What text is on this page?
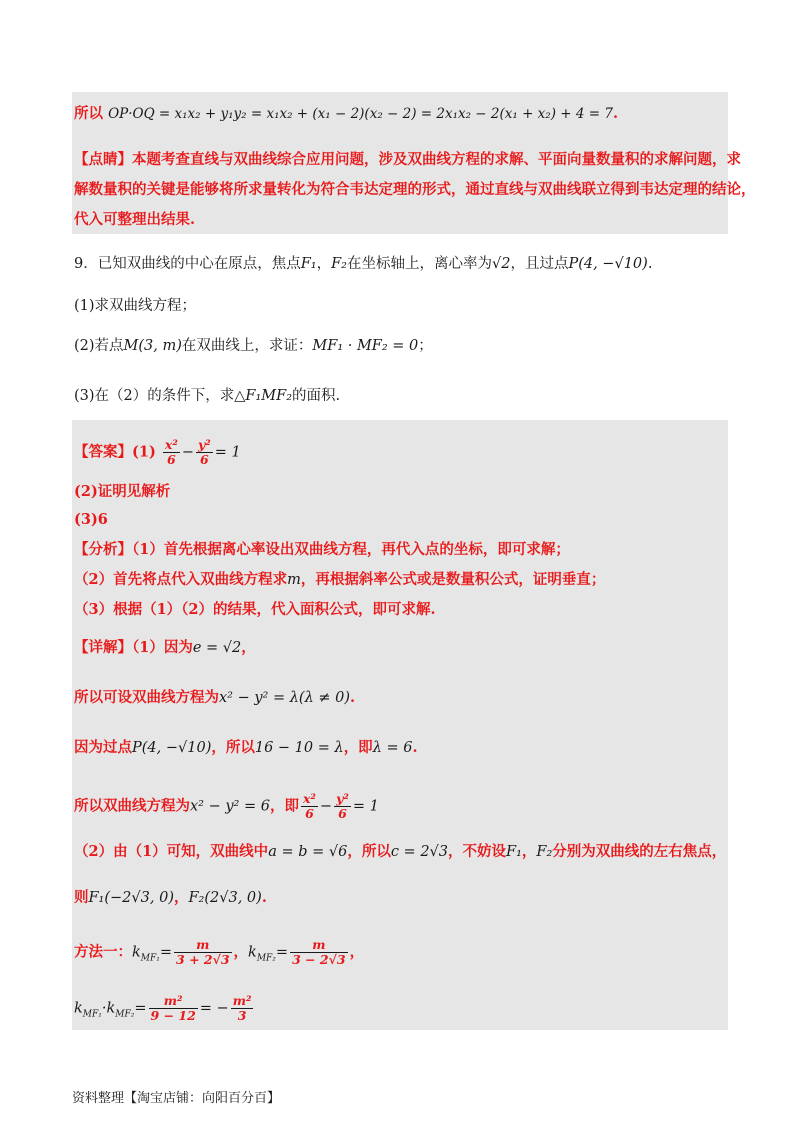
所以 OP·OQ = x₁x₂ + y₁y₂ = x₁x₂ + (x₁ − 2)(x₂ − 2) = 2x₁x₂ − 2(x₁ + x₂) + 4 = 7.
【点睛】本题考查直线与双曲线综合应用问题，涉及双曲线方程的求解、平面向量数量积的求解问题，求
解数量积的关键是能够将所求量转化为符合韦达定理的形式，通过直线与双曲线联立得到韦达定理的结论，
代入可整理出结果.
9．已知双曲线的中心在原点，焦点F₁，F₂在坐标轴上，离心率为√2，且过点P(4, −√10).
(1)求双曲线方程；
(2)若点M(3, m)在双曲线上，求证：MF₁ · MF₂ = 0；
(3)在（2）的条件下，求△F₁MF₂的面积.
【答案】$(1) \frac{\text{x²}}{6} - \frac{\text{y²}}{6} = 1$
(2)证明见解析
(3)6
【分析】（1）首先根据离心率设出双曲线方程，再代入点的坐标，即可求解；
（2）首先将点代入双曲线方程求m，再根据斜率公式或是数量积公式，证明垂直；
（3）根据（1）（2）的结果，代入面积公式，即可求解.
【详解】（1）因为e = √2，
所以可设双曲线方程为x² − y² = λ(λ ≠ 0).
因为过点P(4, −√10)，所以16 − 10 = λ，即λ = 6.
所以双曲线方程为x² − y² = 6，即 $\frac{\text{x²}}{6} - \frac{\text{y²}}{6} = 1$
（2）由（1）可知，双曲线中a = b = √6，所以c = 2√3，不妨设F₁，F₂分别为双曲线的左右焦点，
则F₁(−2√3, 0)，F₂(2√3, 0).
方法一：$k_{MF_1}= \frac{m}{3 + 2√3}$ ，$k_{MF_2}= \frac{m}{3 - 2√3}$ ，
$k_{MF_1}\cdot k_{MF_2}= \frac{\text{m²}}{9 - 12}$ = − $\frac{\text{m²}}{3}$
资料整理【淘宝店铺：向阳百分百】
